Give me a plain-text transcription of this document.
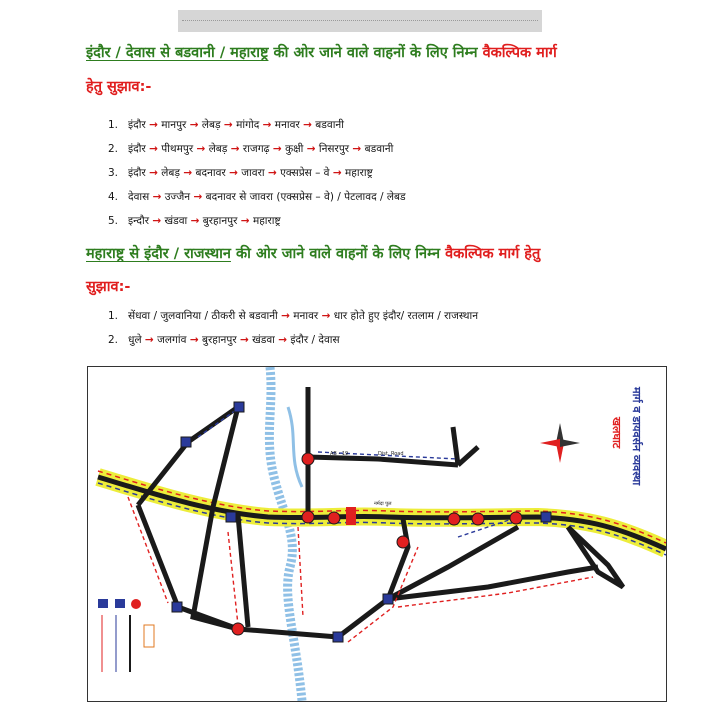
इंदौर / देवास से बडवानी / महाराष्ट्र की ओर जाने वाले वाहनों के लिए निम्न वैकल्पिक मार्ग
हेतु सुझाव:-
1. इंदौर → मानपुर → लेबड़ → मांगोद → मनावर → बडवानी
2. इंदौर → पीथमपुर → लेबड़ → राजगढ़ → कुक्षी → निसरपुर → बडवानी
3. इंदौर → लेबड़ → बदनावर → जावरा → एक्सप्रेस – वे → महाराष्ट्र
4. देवास → उज्जैन → बदनावर से जावरा (एक्सप्रेस – वे) / पेटलावद / लेबड
5. इन्दौर → खंडवा → बुरहानपुर → महाराष्ट्र
महाराष्ट्र से इंदौर / राजस्थान की ओर जाने वाले वाहनों के लिए निम्न वैकल्पिक मार्ग हेतु
सुझाव:-
1. सेंधवा / जुलवानिया / ठीकरी से बडवानी → मनावर → धार होते हुए इंदौर/ रतलाम / राजस्थान
2. धुले → जलगांव → बुरहानपुर → खंडवा → इंदौर / देवास
मार्ग व डायवर्सन व्यवस्था
खलघाट
AB - 19	Dist. Road
नर्मदा पुल
